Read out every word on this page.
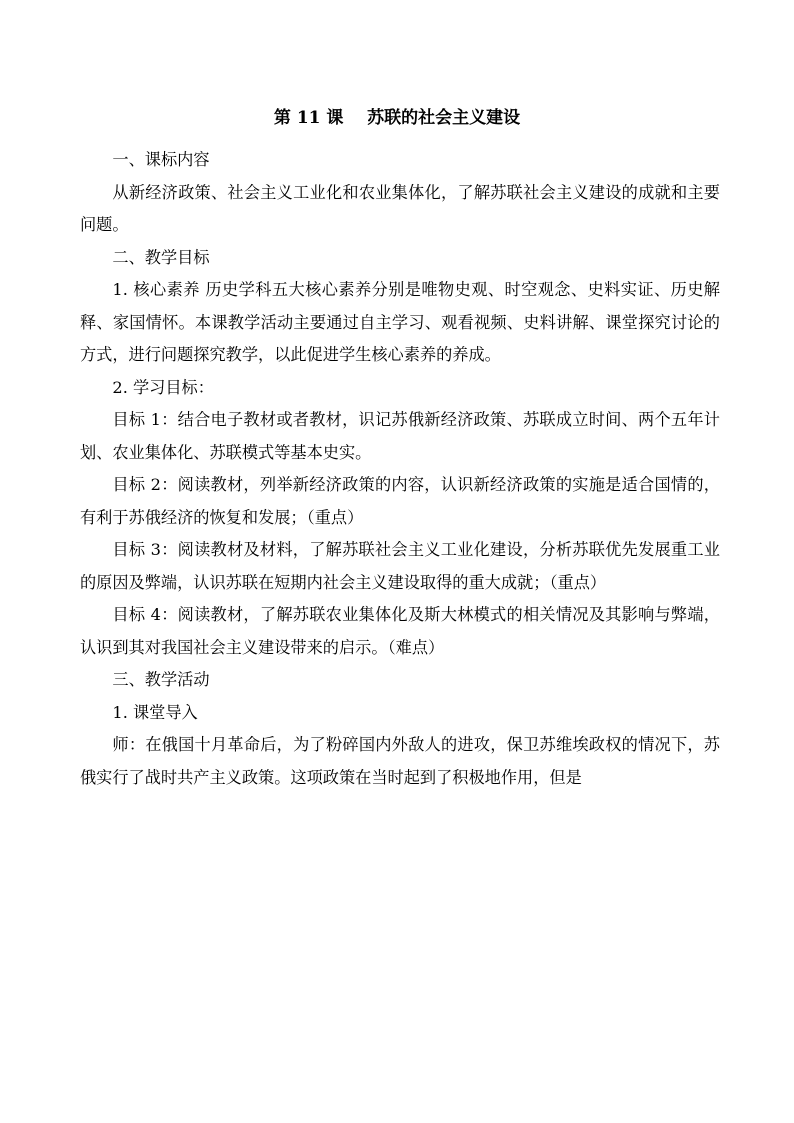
第 11 课    苏联的社会主义建设

一、课标内容

从新经济政策、社会主义工业化和农业集体化，了解苏联社会主义建设的成就和主要问题。

二、教学目标

1. 核心素养 历史学科五大核心素养分别是唯物史观、时空观念、史料实证、历史解释、家国情怀。本课教学活动主要通过自主学习、观看视频、史料讲解、课堂探究讨论的方式，进行问题探究教学，以此促进学生核心素养的养成。

2. 学习目标：

目标 1：结合电子教材或者教材，识记苏俄新经济政策、苏联成立时间、两个五年计划、农业集体化、苏联模式等基本史实。

目标 2：阅读教材，列举新经济政策的内容，认识新经济政策的实施是适合国情的，有利于苏俄经济的恢复和发展；（重点）

目标 3：阅读教材及材料，了解苏联社会主义工业化建设，分析苏联优先发展重工业的原因及弊端，认识苏联在短期内社会主义建设取得的重大成就；（重点）

目标 4：阅读教材，了解苏联农业集体化及斯大林模式的相关情况及其影响与弊端，认识到其对我国社会主义建设带来的启示。（难点）

三、教学活动

1. 课堂导入

师：在俄国十月革命后，为了粉碎国内外敌人的进攻，保卫苏维埃政权的情况下，苏俄实行了战时共产主义政策。这项政策在当时起到了积极地作用，但是
